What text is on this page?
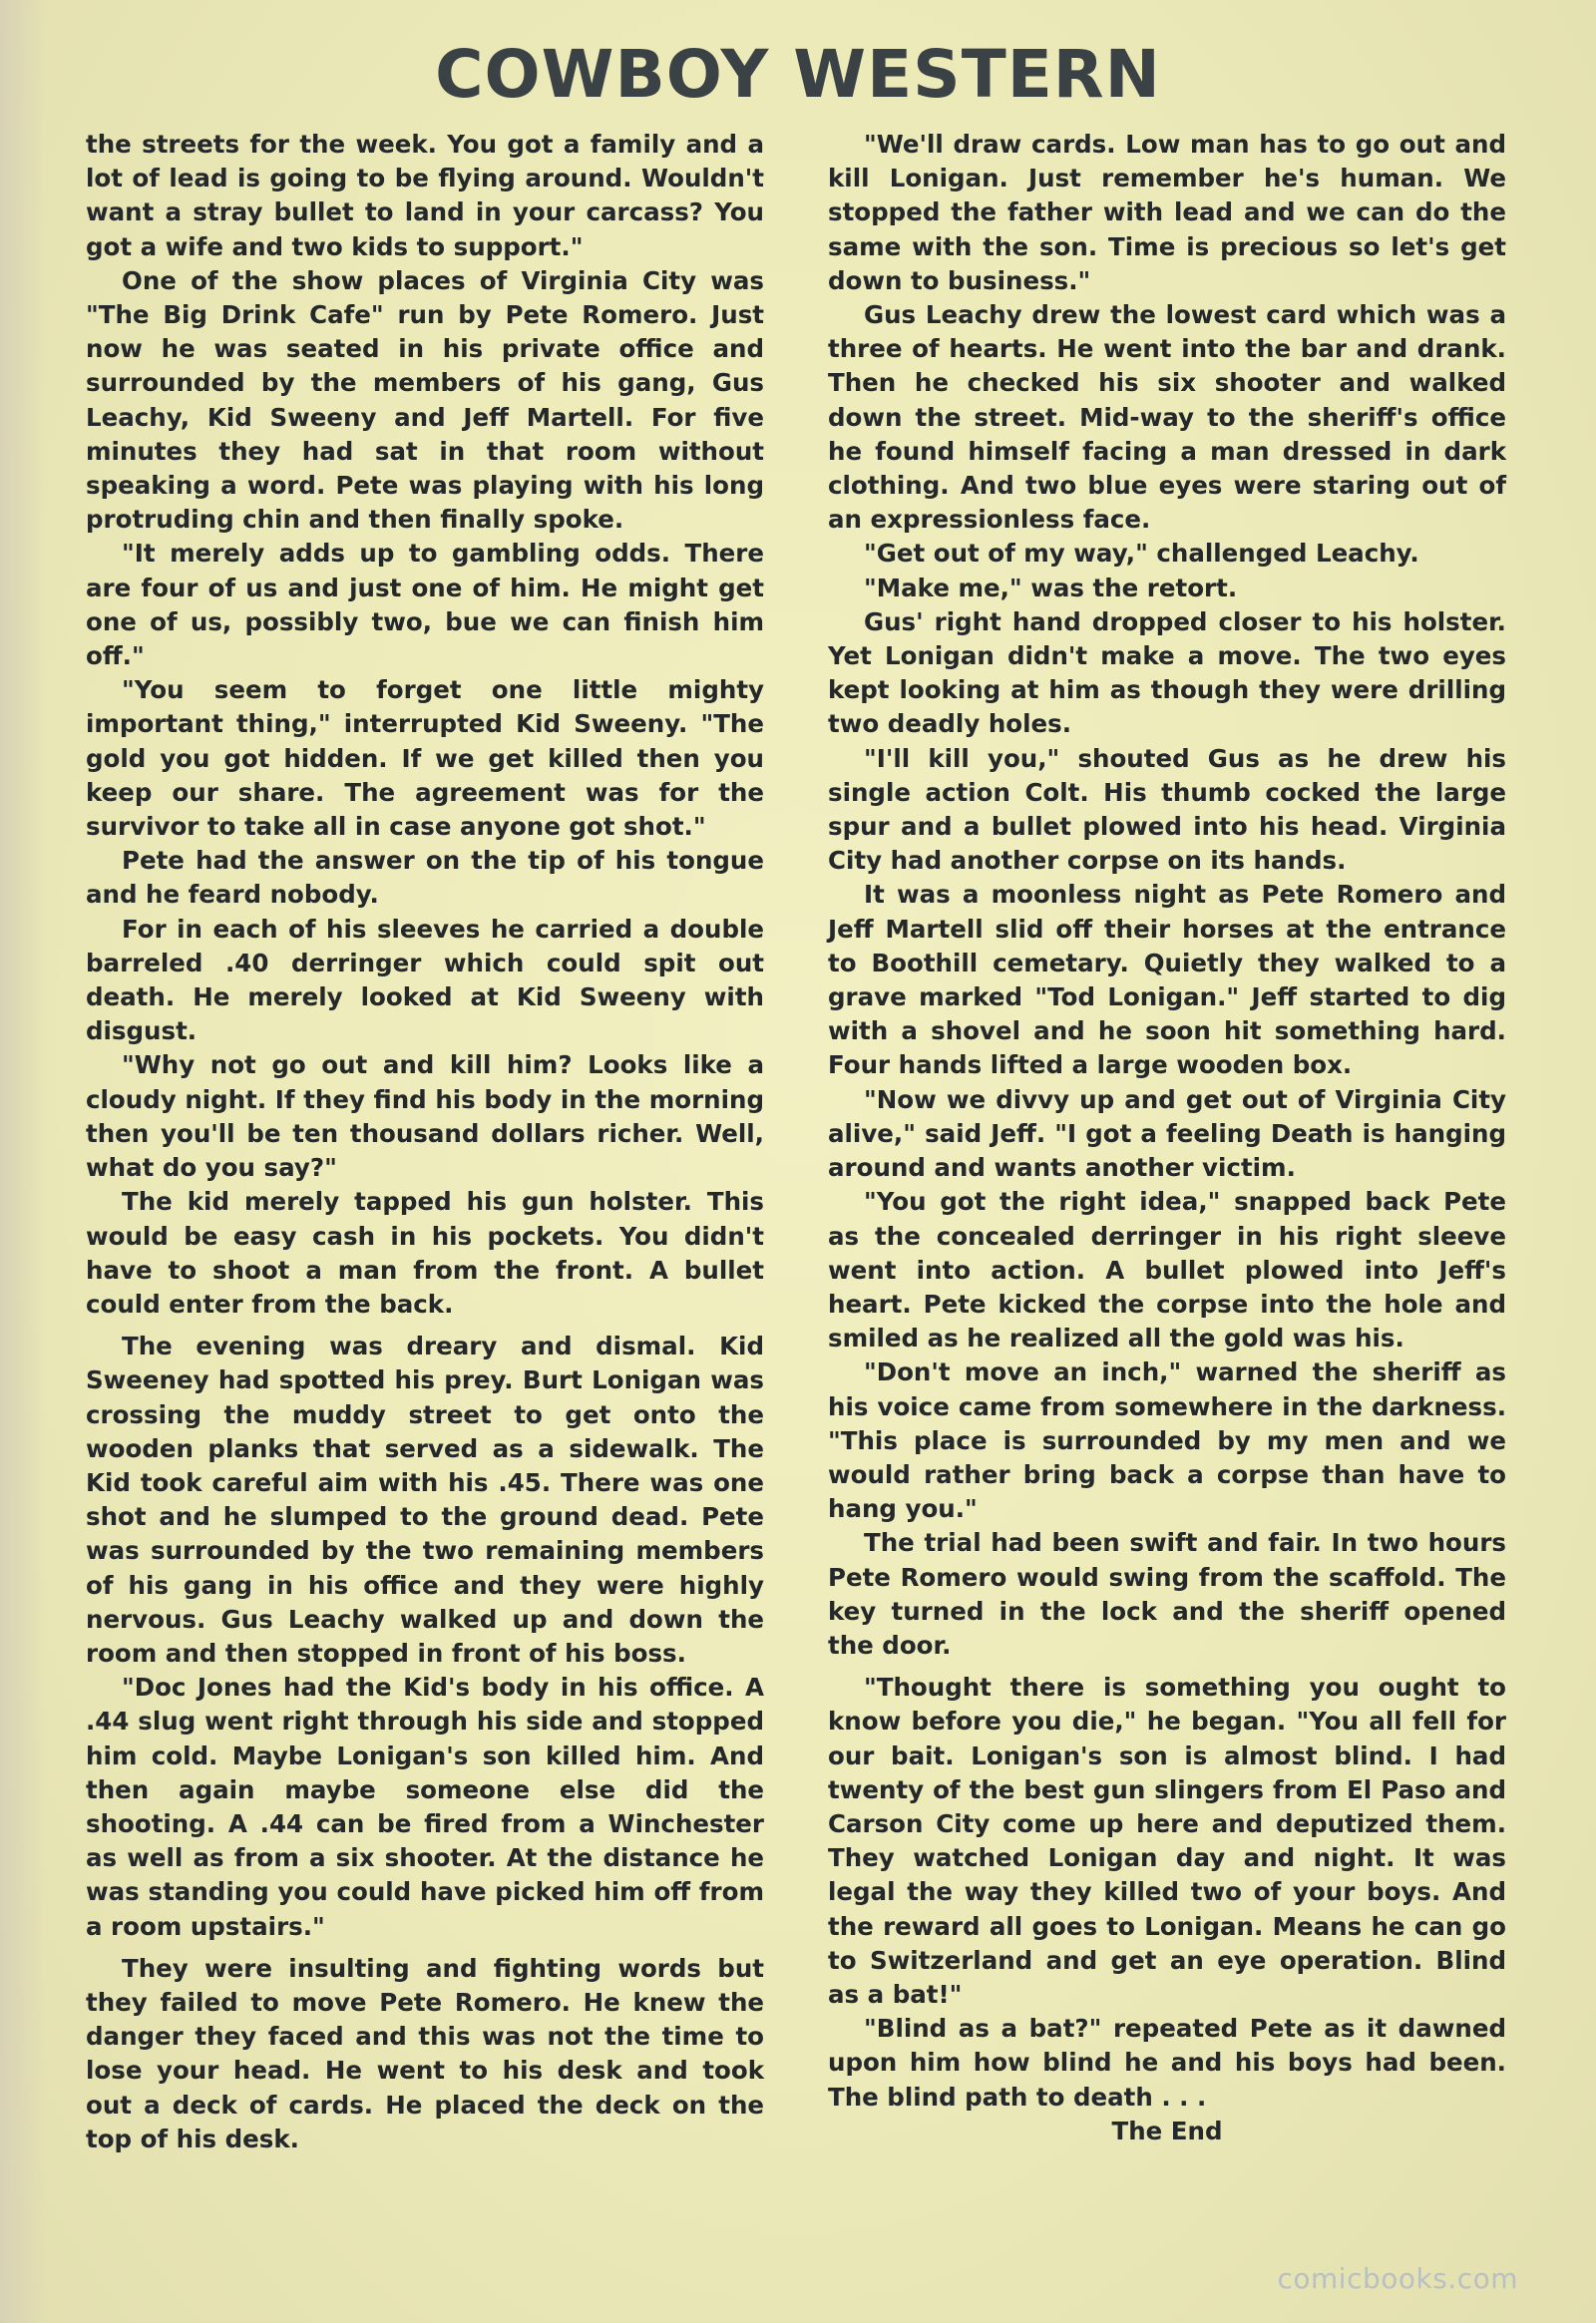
COWBOY WESTERN

the streets for the week. You got a family and a lot of lead is going to be flying around. Wouldn't want a stray bullet to land in your carcass? You got a wife and two kids to support."

One of the show places of Virginia City was "The Big Drink Cafe" run by Pete Romero. Just now he was seated in his private office and surrounded by the members of his gang, Gus Leachy, Kid Sweeny and Jeff Martell. For five minutes they had sat in that room without speaking a word. Pete was playing with his long protruding chin and then finally spoke.

"It merely adds up to gambling odds. There are four of us and just one of him. He might get one of us, possibly two, bue we can finish him off."

"You seem to forget one little mighty important thing," interrupted Kid Sweeny. "The gold you got hidden. If we get killed then you keep our share. The agreement was for the survivor to take all in case anyone got shot."

Pete had the answer on the tip of his tongue and he feard nobody.

For in each of his sleeves he carried a double barreled .40 derringer which could spit out death. He merely looked at Kid Sweeny with disgust.

"Why not go out and kill him? Looks like a cloudy night. If they find his body in the morning then you'll be ten thousand dollars richer. Well, what do you say?"

The kid merely tapped his gun holster. This would be easy cash in his pockets. You didn't have to shoot a man from the front. A bullet could enter from the back.

The evening was dreary and dismal. Kid Sweeney had spotted his prey. Burt Lonigan was crossing the muddy street to get onto the wooden planks that served as a sidewalk. The Kid took careful aim with his .45. There was one shot and he slumped to the ground dead. Pete was surrounded by the two remaining members of his gang in his office and they were highly nervous. Gus Leachy walked up and down the room and then stopped in front of his boss.

"Doc Jones had the Kid's body in his office. A .44 slug went right through his side and stopped him cold. Maybe Lonigan's son killed him. And then again maybe someone else did the shooting. A .44 can be fired from a Winchester as well as from a six shooter. At the distance he was standing you could have picked him off from a room upstairs."

They were insulting and fighting words but they failed to move Pete Romero. He knew the danger they faced and this was not the time to lose your head. He went to his desk and took out a deck of cards. He placed the deck on the top of his desk.

"We'll draw cards. Low man has to go out and kill Lonigan. Just remember he's human. We stopped the father with lead and we can do the same with the son. Time is precious so let's get down to business."

Gus Leachy drew the lowest card which was a three of hearts. He went into the bar and drank. Then he checked his six shooter and walked down the street. Mid-way to the sheriff's office he found himself facing a man dressed in dark clothing. And two blue eyes were staring out of an expressionless face.

"Get out of my way," challenged Leachy.

"Make me," was the retort.

Gus' right hand dropped closer to his holster. Yet Lonigan didn't make a move. The two eyes kept looking at him as though they were drilling two deadly holes.

"I'll kill you," shouted Gus as he drew his single action Colt. His thumb cocked the large spur and a bullet plowed into his head. Virginia City had another corpse on its hands.

It was a moonless night as Pete Romero and Jeff Martell slid off their horses at the entrance to Boothill cemetary. Quietly they walked to a grave marked "Tod Lonigan." Jeff started to dig with a shovel and he soon hit something hard. Four hands lifted a large wooden box.

"Now we divvy up and get out of Virginia City alive," said Jeff. "I got a feeling Death is hanging around and wants another victim.

"You got the right idea," snapped back Pete as the concealed derringer in his right sleeve went into action. A bullet plowed into Jeff's heart. Pete kicked the corpse into the hole and smiled as he realized all the gold was his.

"Don't move an inch," warned the sheriff as his voice came from somewhere in the darkness. "This place is surrounded by my men and we would rather bring back a corpse than have to hang you."

The trial had been swift and fair. In two hours Pete Romero would swing from the scaffold. The key turned in the lock and the sheriff opened the door.

"Thought there is something you ought to know before you die," he began. "You all fell for our bait. Lonigan's son is almost blind. I had twenty of the best gun slingers from El Paso and Carson City come up here and deputized them. They watched Lonigan day and night. It was legal the way they killed two of your boys. And the reward all goes to Lonigan. Means he can go to Switzerland and get an eye operation. Blind as a bat!"

"Blind as a bat?" repeated Pete as it dawned upon him how blind he and his boys had been. The blind path to death . . .

The End

comicbooks.com
